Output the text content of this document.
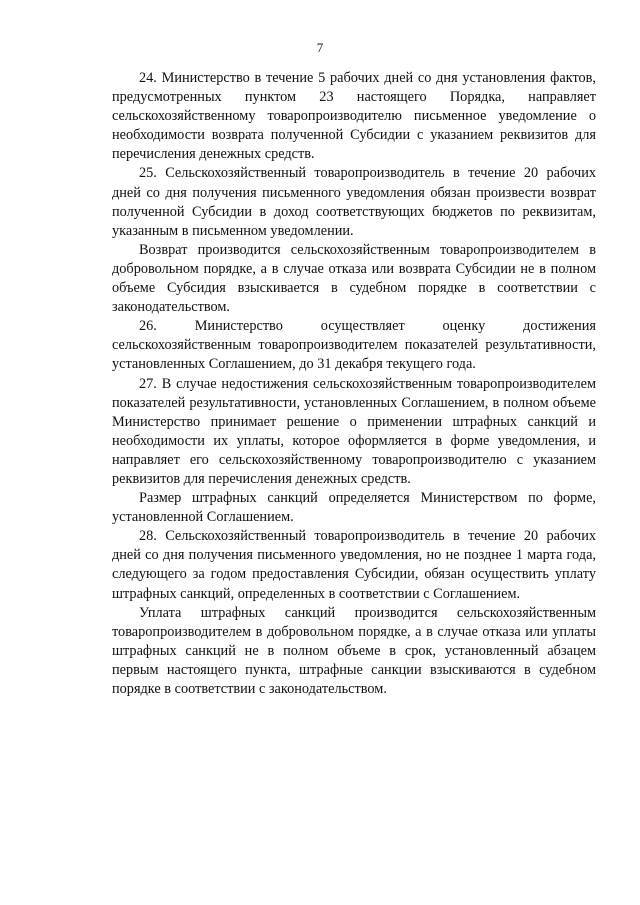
7

24. Министерство в течение 5 рабочих дней со дня установления фактов, предусмотренных пунктом 23 настоящего Порядка, направляет сельскохозяйственному товаропроизводителю письменное уведомление о необходимости возврата полученной Субсидии с указанием реквизитов для перечисления денежных средств.

25. Сельскохозяйственный товаропроизводитель в течение 20 рабочих дней со дня получения письменного уведомления обязан произвести возврат полученной Субсидии в доход соответствующих бюджетов по реквизитам, указанным в письменном уведомлении.

Возврат производится сельскохозяйственным товаропроизводителем в добровольном порядке, а в случае отказа или возврата Субсидии не в полном объеме Субсидия взыскивается в судебном порядке в соответствии с законодательством.

26. Министерство осуществляет оценку достижения сельскохозяйственным товаропроизводителем показателей результативности, установленных Соглашением, до 31 декабря текущего года.

27. В случае недостижения сельскохозяйственным товаропроизводителем показателей результативности, установленных Соглашением, в полном объеме Министерство принимает решение о применении штрафных санкций и необходимости их уплаты, которое оформляется в форме уведомления, и направляет его сельскохозяйственному товаропроизводителю с указанием реквизитов для перечисления денежных средств.

Размер штрафных санкций определяется Министерством по форме, установленной Соглашением.

28. Сельскохозяйственный товаропроизводитель в течение 20 рабочих дней со дня получения письменного уведомления, но не позднее 1 марта года, следующего за годом предоставления Субсидии, обязан осуществить уплату штрафных санкций, определенных в соответствии с Соглашением.

Уплата штрафных санкций производится сельскохозяйственным товаропроизводителем в добровольном порядке, а в случае отказа или уплаты штрафных санкций не в полном объеме в срок, установленный абзацем первым настоящего пункта, штрафные санкции взыскиваются в судебном порядке в соответствии с законодательством.
